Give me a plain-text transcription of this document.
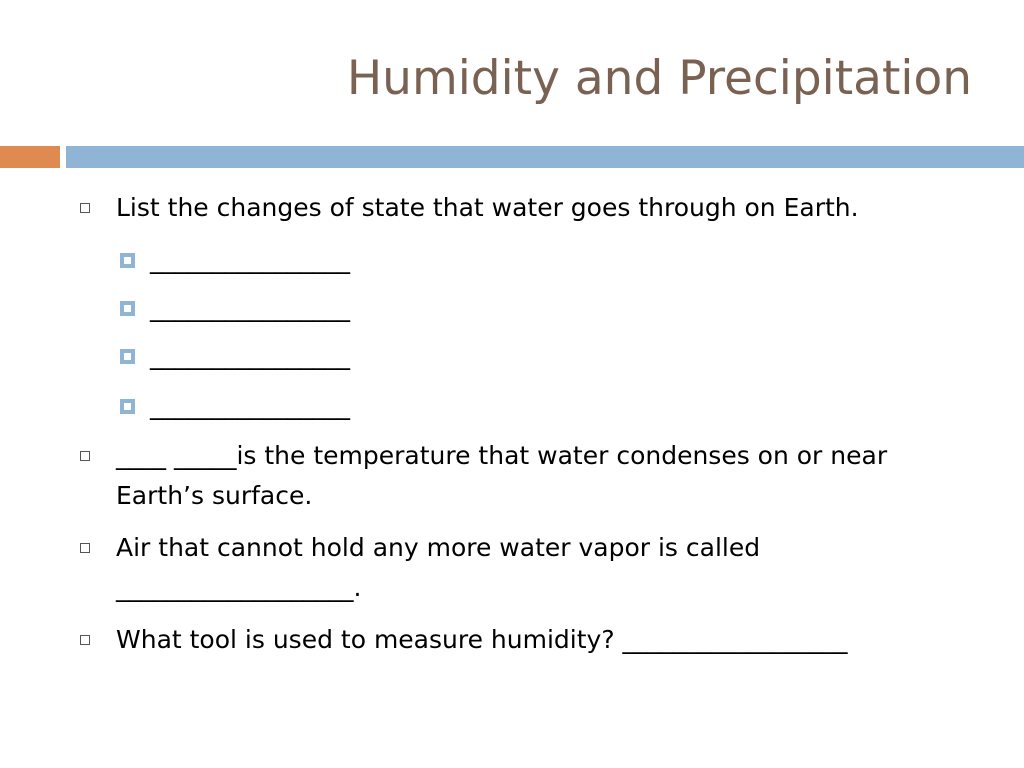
Humidity and Precipitation
List the changes of state that water goes through on Earth.
________________
________________
________________
________________
____ _____is the temperature that water condenses on or near Earth’s surface.
Air that cannot hold any more water vapor is called ___________________.
What tool is used to measure humidity? __________________
